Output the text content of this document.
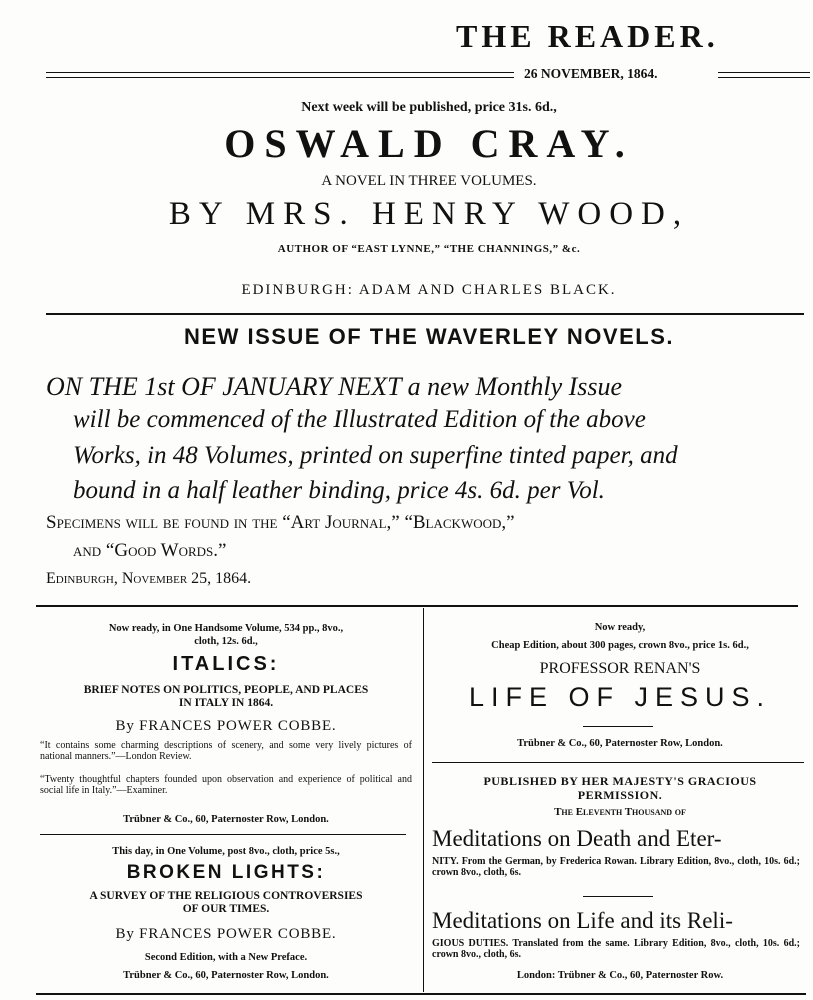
THE READER.
26 NOVEMBER, 1864.
Next week will be published, price 31s. 6d.,
OSWALD CRAY.
A NOVEL IN THREE VOLUMES.
BY MRS. HENRY WOOD,
AUTHOR OF “EAST LYNNE,” “THE CHANNINGS,” &c.
EDINBURGH: ADAM AND CHARLES BLACK.
NEW ISSUE OF THE WAVERLEY NOVELS.
ON THE 1st OF JANUARY NEXT a new Monthly Issue
will be commenced of the Illustrated Edition of the above
Works, in 48 Volumes, printed on superfine tinted paper, and
bound in a half leather binding, price 4s. 6d. per Vol.
Specimens will be found in the “Art Journal,” “Blackwood,”
and “Good Words.”
Edinburgh, November 25, 1864.
Now ready, in One Handsome Volume, 534 pp., 8vo.,
cloth, 12s. 6d.,
ITALICS:
BRIEF NOTES ON POLITICS, PEOPLE, AND PLACES
IN ITALY IN 1864.
By FRANCES POWER COBBE.
“It contains some charming descriptions of scenery, and some very lively pictures of national manners.”—London Review.
“Twenty thoughtful chapters founded upon observation and experience of political and social life in Italy.”—Examiner.
Trübner & Co., 60, Paternoster Row, London.
This day, in One Volume, post 8vo., cloth, price 5s.,
BROKEN LIGHTS:
A SURVEY OF THE RELIGIOUS CONTROVERSIES
OF OUR TIMES.
By FRANCES POWER COBBE.
Second Edition, with a New Preface.
Trübner & Co., 60, Paternoster Row, London.
Now ready,
Cheap Edition, about 300 pages, crown 8vo., price 1s. 6d.,
PROFESSOR RENAN'S
LIFE OF JESUS.
Trübner & Co., 60, Paternoster Row, London.
PUBLISHED BY HER MAJESTY'S GRACIOUS
PERMISSION.
The Eleventh Thousand of
Meditations on Death and Eter-
NITY. From the German, by Frederica Rowan. Library Edition, 8vo., cloth, 10s. 6d.; crown 8vo., cloth, 6s.
Meditations on Life and its Reli-
GIOUS DUTIES. Translated from the same. Library Edition, 8vo., cloth, 10s. 6d.; crown 8vo., cloth, 6s.
London: Trübner & Co., 60, Paternoster Row.
